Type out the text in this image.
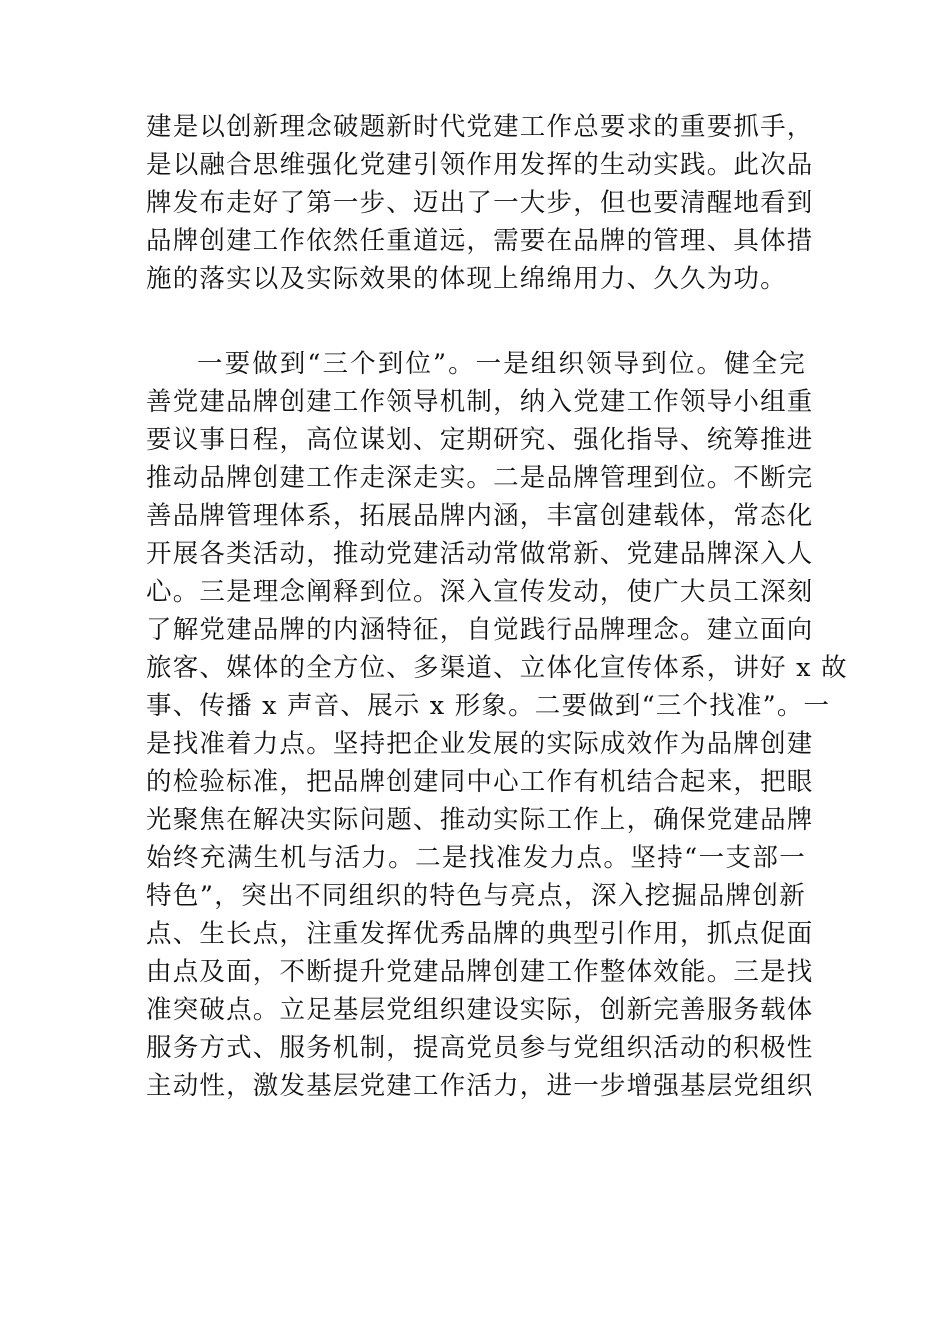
建是以创新理念破题新时代党建工作总要求的重要抓手，
是以融合思维强化党建引领作用发挥的生动实践。此次品
牌发布走好了第一步、迈出了一大步，但也要清醒地看到
品牌创建工作依然任重道远，需要在品牌的管理、具体措
施的落实以及实际效果的体现上绵绵用力、久久为功。
一要做到“三个到位”。一是组织领导到位。健全完
善党建品牌创建工作领导机制，纳入党建工作领导小组重
要议事日程，高位谋划、定期研究、强化指导、统筹推进
推动品牌创建工作走深走实。二是品牌管理到位。不断完
善品牌管理体系，拓展品牌内涵，丰富创建载体，常态化
开展各类活动，推动党建活动常做常新、党建品牌深入人
心。三是理念阐释到位。深入宣传发动，使广大员工深刻
了解党建品牌的内涵特征，自觉践行品牌理念。建立面向
旅客、媒体的全方位、多渠道、立体化宣传体系，讲好 x 故
事、传播 x 声音、展示 x 形象。二要做到“三个找准”。一
是找准着力点。坚持把企业发展的实际成效作为品牌创建
的检验标准，把品牌创建同中心工作有机结合起来，把眼
光聚焦在解决实际问题、推动实际工作上，确保党建品牌
始终充满生机与活力。二是找准发力点。坚持“一支部一
特色”，突出不同组织的特色与亮点，深入挖掘品牌创新
点、生长点，注重发挥优秀品牌的典型引作用，抓点促面
由点及面，不断提升党建品牌创建工作整体效能。三是找
准突破点。立足基层党组织建设实际，创新完善服务载体
服务方式、服务机制，提高党员参与党组织活动的积极性
主动性，激发基层党建工作活力，进一步增强基层党组织
